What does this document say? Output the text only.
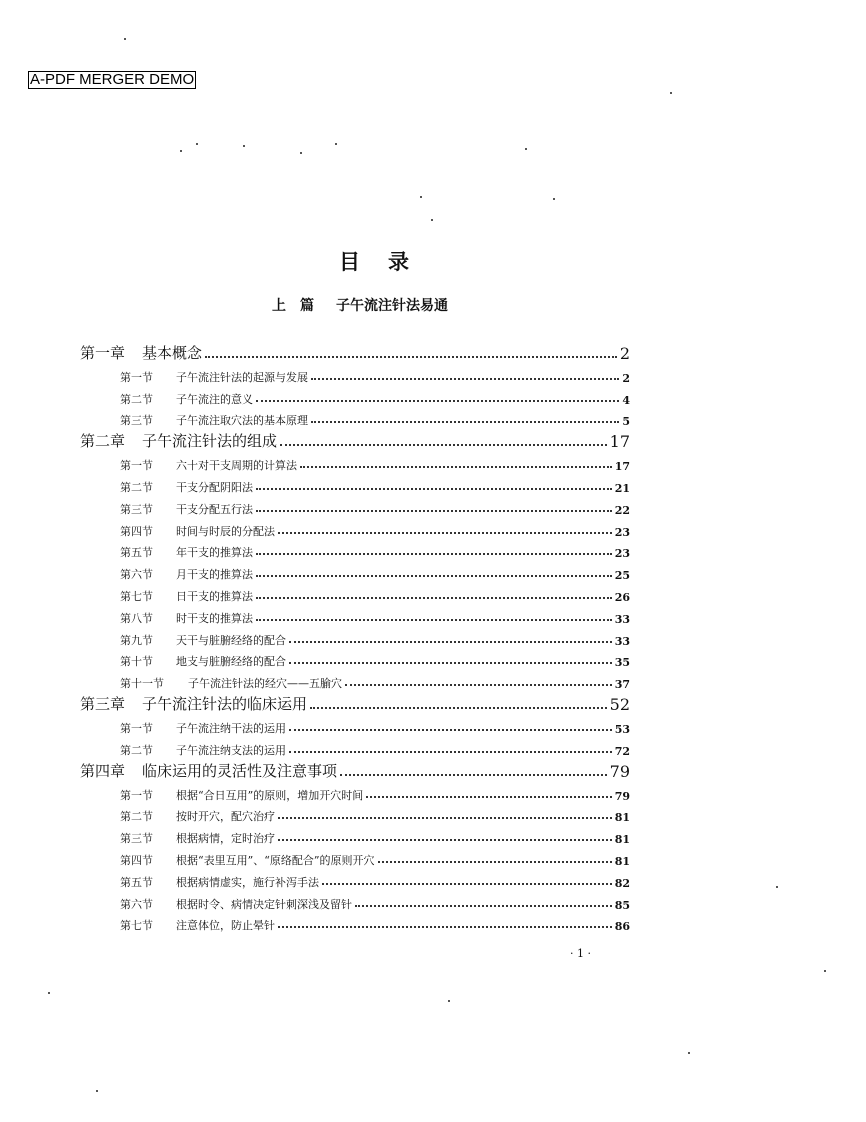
A-PDF MERGER DEMO
目录
上　篇 子午流注针法易通
第一章	基本概念	2
第一节	子午流注针法的起源与发展	2
第二节	子午流注的意义	4
第三节	子午流注取穴法的基本原理	5
第二章	子午流注针法的组成	17
第一节	六十对干支周期的计算法	17
第二节	干支分配阴阳法	21
第三节	干支分配五行法	22
第四节	时间与时辰的分配法	23
第五节	年干支的推算法	23
第六节	月干支的推算法	25
第七节	日干支的推算法	26
第八节	时干支的推算法	33
第九节	天干与脏腑经络的配合	33
第十节	地支与脏腑经络的配合	35
第十一节	子午流注针法的经穴——五腧穴	37
第三章	子午流注针法的临床运用	52
第一节	子午流注纳干法的运用	53
第二节	子午流注纳支法的运用	72
第四章	临床运用的灵活性及注意事项	79
第一节	根据“合日互用”的原则，增加开穴时间	79
第二节	按时开穴，配穴治疗	81
第三节	根据病情，定时治疗	81
第四节	根据“表里互用”、“原络配合”的原则开穴	81
第五节	根据病情虚实，施行补泻手法	82
第六节	根据时令、病情决定针刺深浅及留针	85
第七节	注意体位，防止晕针	86
· 1 ·
